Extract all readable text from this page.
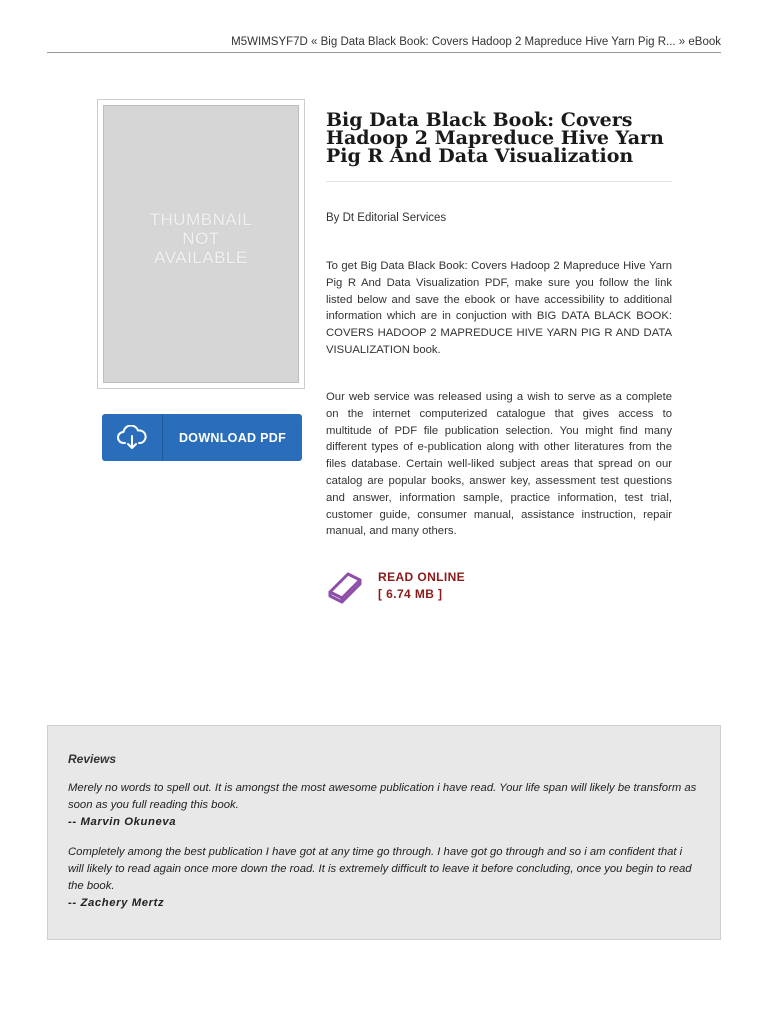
M5WIMSYF7D « Big Data Black Book: Covers Hadoop 2 Mapreduce Hive Yarn Pig R... » eBook
THUMBNAIL
NOT
AVAILABLE
DOWNLOAD PDF
Big Data Black Book: Covers Hadoop 2 Mapreduce Hive Yarn Pig R And Data Visualization
By Dt Editorial Services

To get Big Data Black Book: Covers Hadoop 2 Mapreduce Hive Yarn Pig R And Data Visualization PDF, make sure you follow the link listed below and save the ebook or have accessibility to additional information which are in conjuction with BIG DATA BLACK BOOK: COVERS HADOOP 2 MAPREDUCE HIVE YARN PIG R AND DATA VISUALIZATION book.

Our web service was released using a wish to serve as a complete on the internet computerized catalogue that gives access to multitude of PDF file publication selection. You might find many different types of e-publication along with other literatures from the files database. Certain well-liked subject areas that spread on our catalog are popular books, answer key, assessment test questions and answer, information sample, practice information, test trial, customer guide, consumer manual, assistance instruction, repair manual, and many others.

READ ONLINE
[ 6.74 MB ]

Reviews

Merely no words to spell out. It is amongst the most awesome publication i have read. Your life span will likely be transform as soon as you full reading this book.

-- Marvin Okuneva

Completely among the best publication I have got at any time go through. I have got go through and so i am confident that i will likely to read again once more down the road. It is extremely difficult to leave it before concluding, once you begin to read the book.

-- Zachery Mertz
